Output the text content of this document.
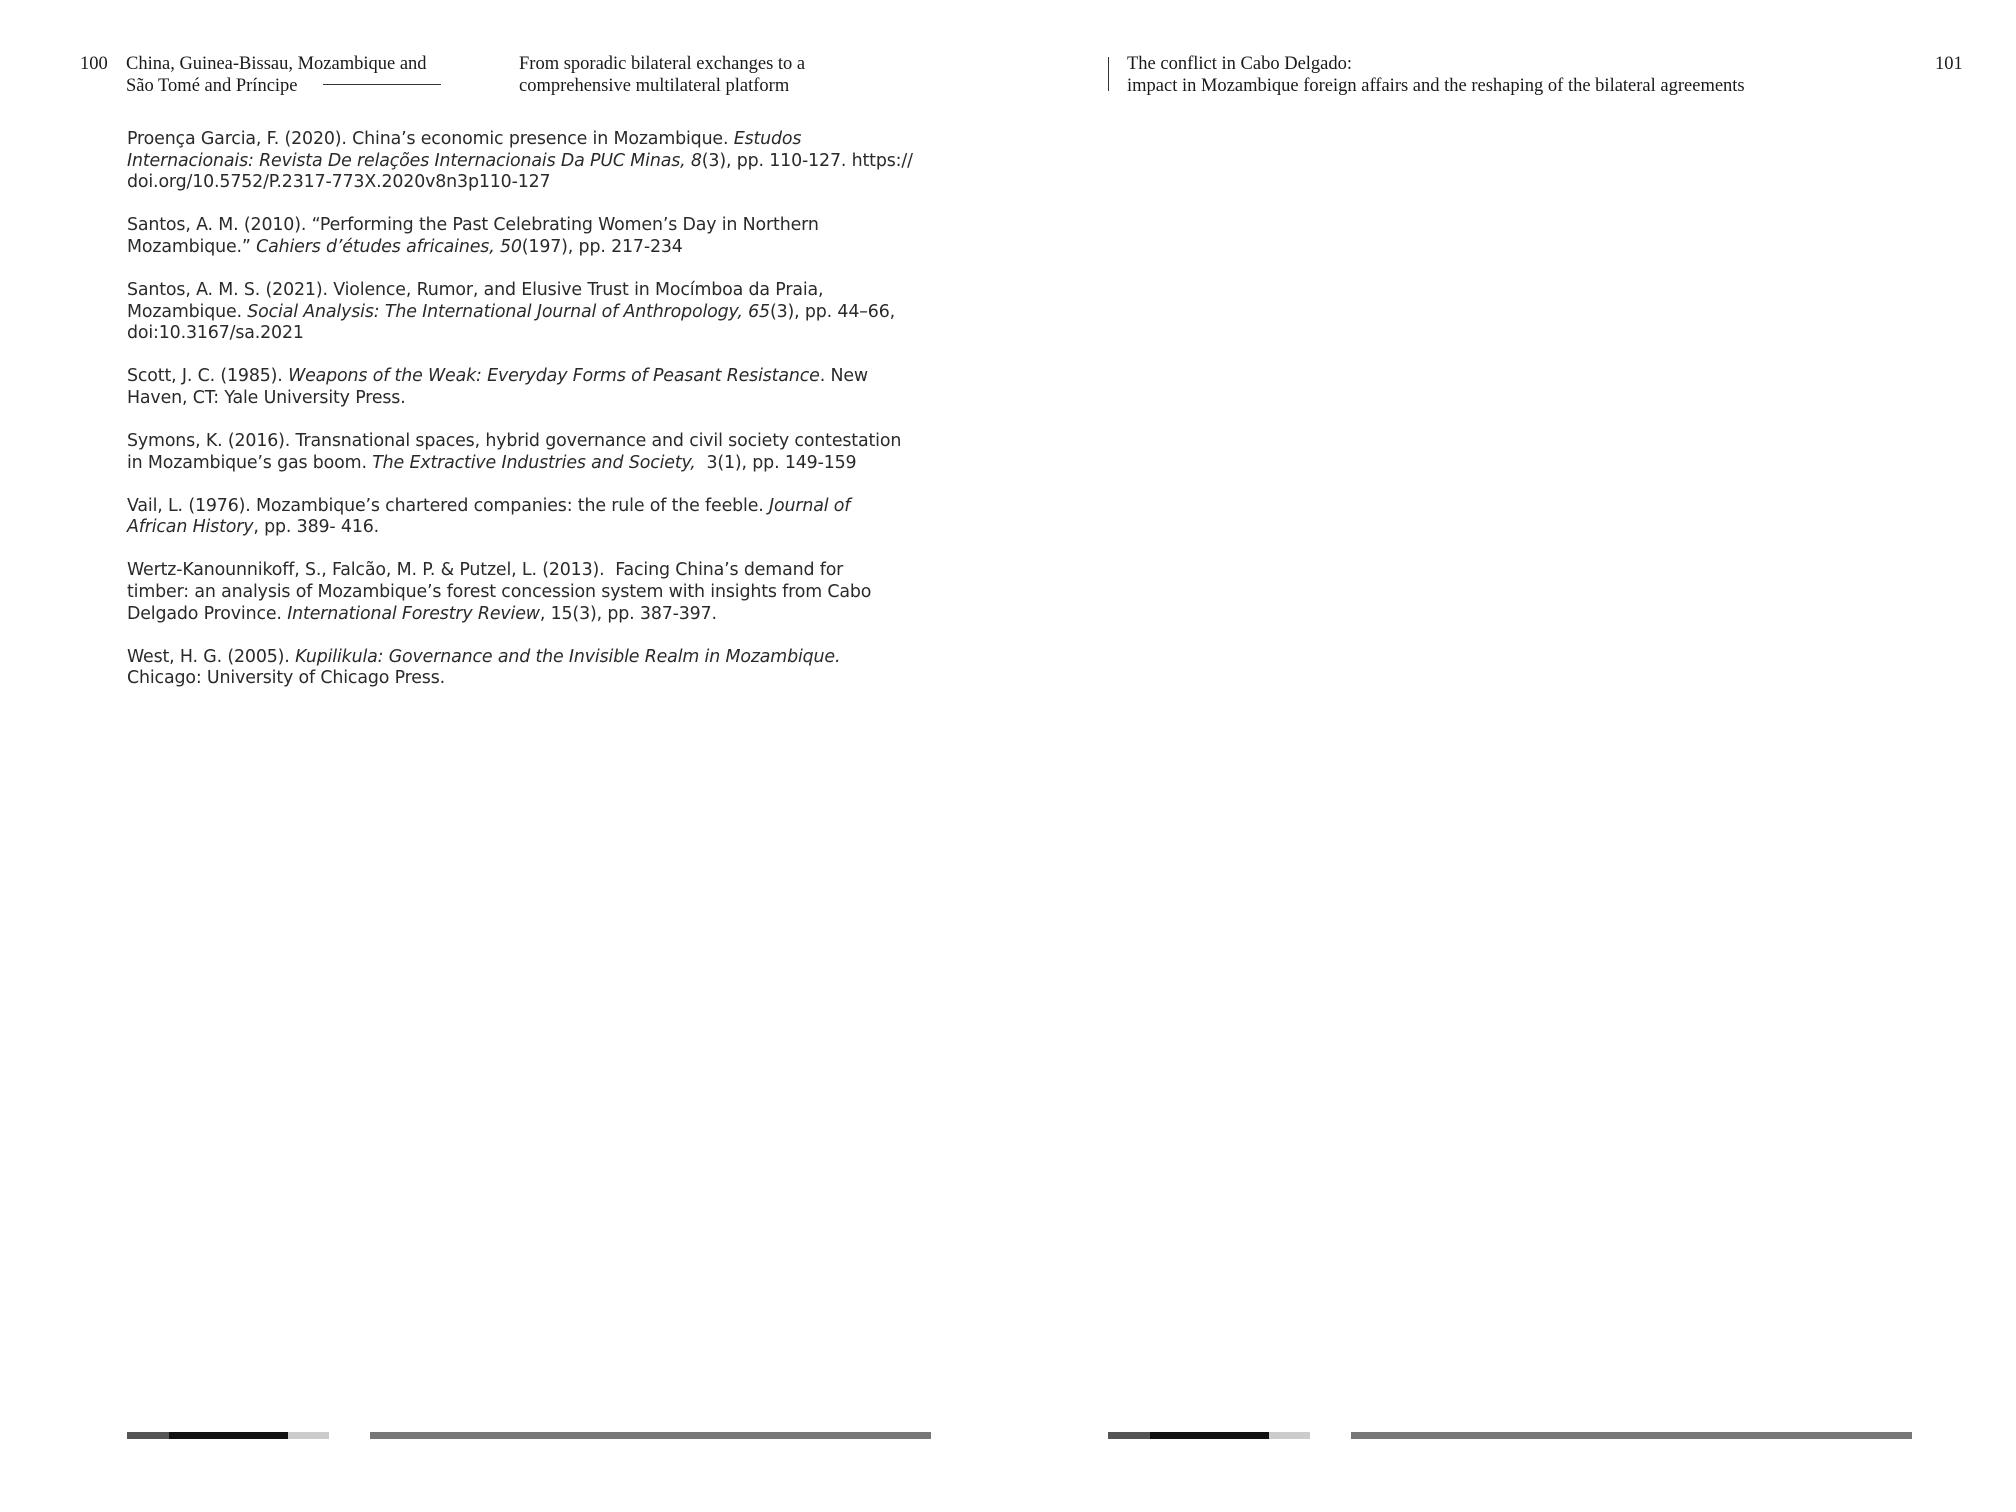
100 China, Guinea-Bissau, Mozambique and
São Tomé and Príncipe
From sporadic bilateral exchanges to a
comprehensive multilateral platform
Proença Garcia, F. (2020). China’s economic presence in Mozambique. Estudos
Internacionais: Revista De relações Internacionais Da PUC Minas, 8(3), pp. 110-127. https://
doi.org/10.5752/P.2317-773X.2020v8n3p110-127
Santos, A. M. (2010). “Performing the Past Celebrating Women’s Day in Northern
Mozambique.” Cahiers d’études africaines, 50(197), pp. 217-234
Santos, A. M. S. (2021). Violence, Rumor, and Elusive Trust in Mocímboa da Praia,
Mozambique. Social Analysis: The International Journal of Anthropology, 65(3), pp. 44–66,
doi:10.3167/sa.2021
Scott, J. C. (1985). Weapons of the Weak: Everyday Forms of Peasant Resistance. New
Haven, CT: Yale University Press.
Symons, K. (2016). Transnational spaces, hybrid governance and civil society contestation
in Mozambique’s gas boom. The Extractive Industries and Society,  3(1), pp. 149-159
Vail, L. (1976). Mozambique’s chartered companies: the rule of the feeble. Journal of
African History, pp. 389- 416.
Wertz-Kanounnikoff, S., Falcão, M. P. & Putzel, L. (2013).  Facing China’s demand for
timber: an analysis of Mozambique’s forest concession system with insights from Cabo
Delgado Province. International Forestry Review, 15(3), pp. 387-397.
West, H. G. (2005). Kupilikula: Governance and the Invisible Realm in Mozambique.
Chicago: University of Chicago Press.
The conflict in Cabo Delgado:
impact in Mozambique foreign affairs and the reshaping of the bilateral agreements
101
